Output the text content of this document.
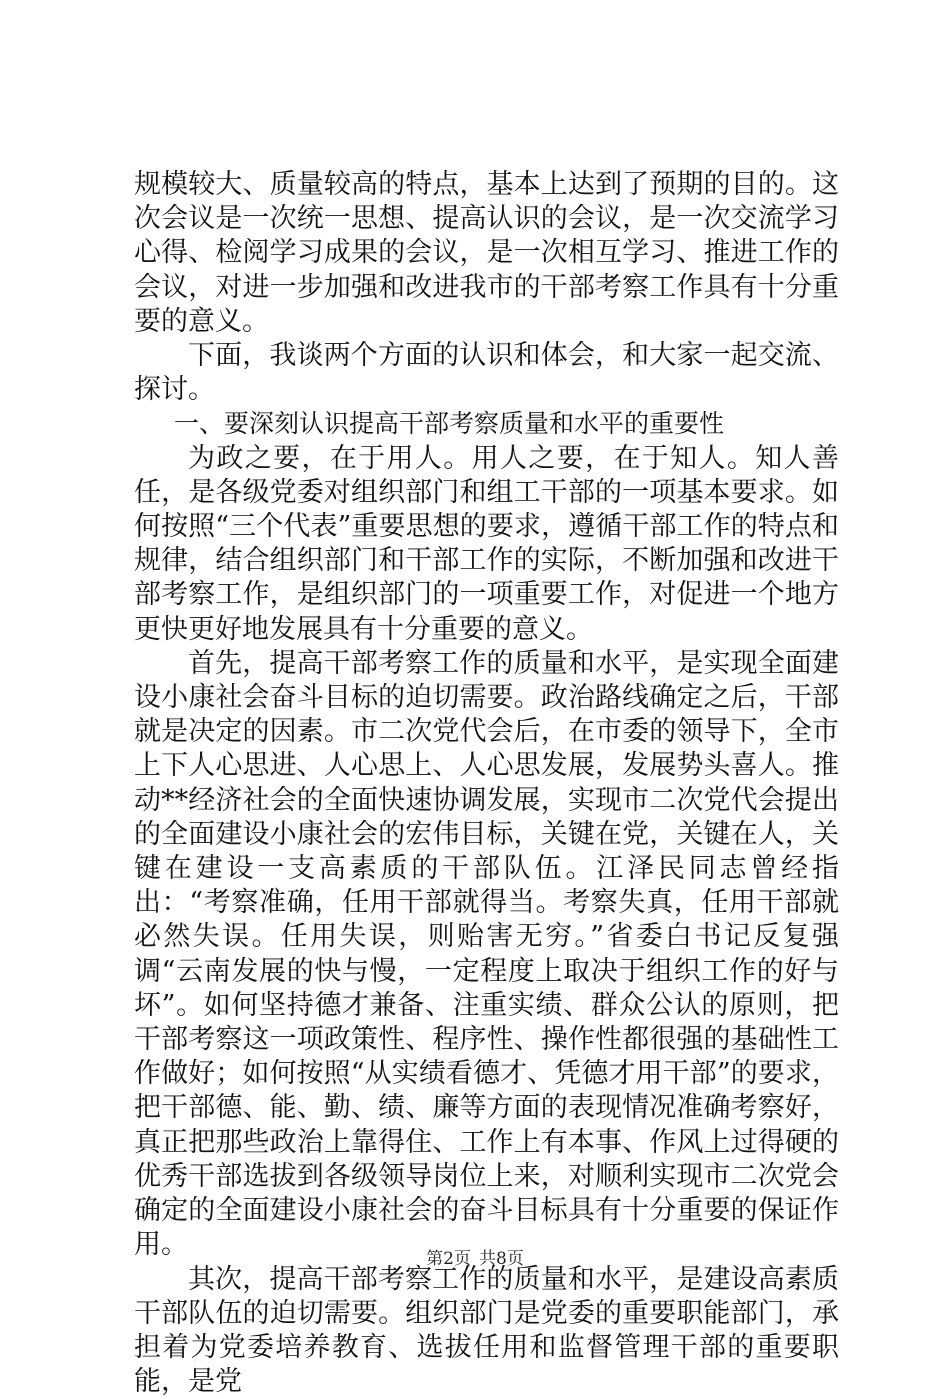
规模较大、质量较高的特点，基本上达到了预期的目的。这次会议是一次统一思想、提高认识的会议，是一次交流学习心得、检阅学习成果的会议，是一次相互学习、推进工作的会议，对进一步加强和改进我市的干部考察工作具有十分重要的意义。

下面，我谈两个方面的认识和体会，和大家一起交流、探讨。

一、要深刻认识提高干部考察质量和水平的重要性

为政之要，在于用人。用人之要，在于知人。知人善任，是各级党委对组织部门和组工干部的一项基本要求。如何按照“三个代表”重要思想的要求，遵循干部工作的特点和规律，结合组织部门和干部工作的实际，不断加强和改进干部考察工作，是组织部门的一项重要工作，对促进一个地方更快更好地发展具有十分重要的意义。

首先，提高干部考察工作的质量和水平，是实现全面建设小康社会奋斗目标的迫切需要。政治路线确定之后，干部就是决定的因素。市二次党代会后，在市委的领导下，全市上下人心思进、人心思上、人心思发展，发展势头喜人。推动**经济社会的全面快速协调发展，实现市二次党代会提出的全面建设小康社会的宏伟目标，关键在党，关键在人，关键在建设一支高素质的干部队伍。江泽民同志曾经指出：“考察准确，任用干部就得当。考察失真，任用干部就必然失误。任用失误，则贻害无穷。”省委白书记反复强调“云南发展的快与慢，一定程度上取决于组织工作的好与坏”。如何坚持德才兼备、注重实绩、群众公认的原则，把干部考察这一项政策性、程序性、操作性都很强的基础性工作做好；如何按照“从实绩看德才、凭德才用干部”的要求，把干部德、能、勤、绩、廉等方面的表现情况准确考察好，真正把那些政治上靠得住、工作上有本事、作风上过得硬的优秀干部选拔到各级领导岗位上来，对顺利实现市二次党会确定的全面建设小康社会的奋斗目标具有十分重要的保证作用。

其次，提高干部考察工作的质量和水平，是建设高素质干部队伍的迫切需要。组织部门是党委的重要职能部门，承担着为党委培养教育、选拔任用和监督管理干部的重要职能，是党

第2页 共8页
